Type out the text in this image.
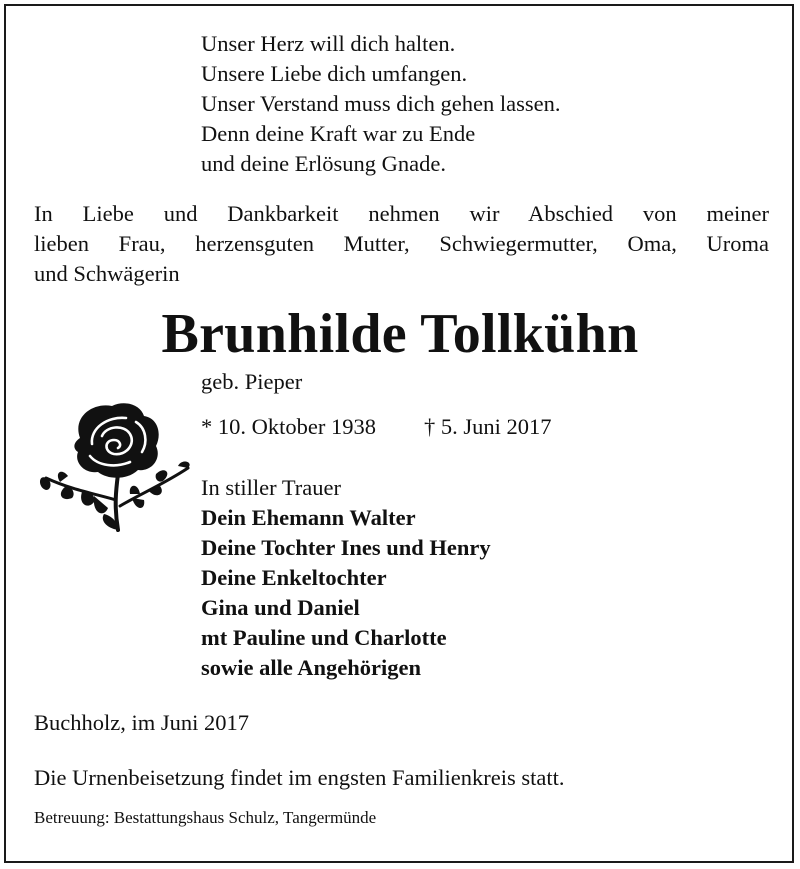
Unser Herz will dich halten.
Unsere Liebe dich umfangen.
Unser Verstand muss dich gehen lassen.
Denn deine Kraft war zu Ende
und deine Erlösung Gnade.
In Liebe und Dankbarkeit nehmen wir Abschied von meiner
lieben Frau, herzensguten Mutter, Schwiegermutter, Oma, Uroma
und Schwägerin
Brunhilde Tollkühn
geb. Pieper
* 10. Oktober 1938 † 5. Juni 2017
In stiller Trauer
Dein Ehemann Walter
Deine Tochter Ines und Henry
Deine Enkeltochter
Gina und Daniel
mt Pauline und Charlotte
sowie alle Angehörigen
Buchholz, im Juni 2017
Die Urnenbeisetzung findet im engsten Familienkreis statt.
Betreuung: Bestattungshaus Schulz, Tangermünde
